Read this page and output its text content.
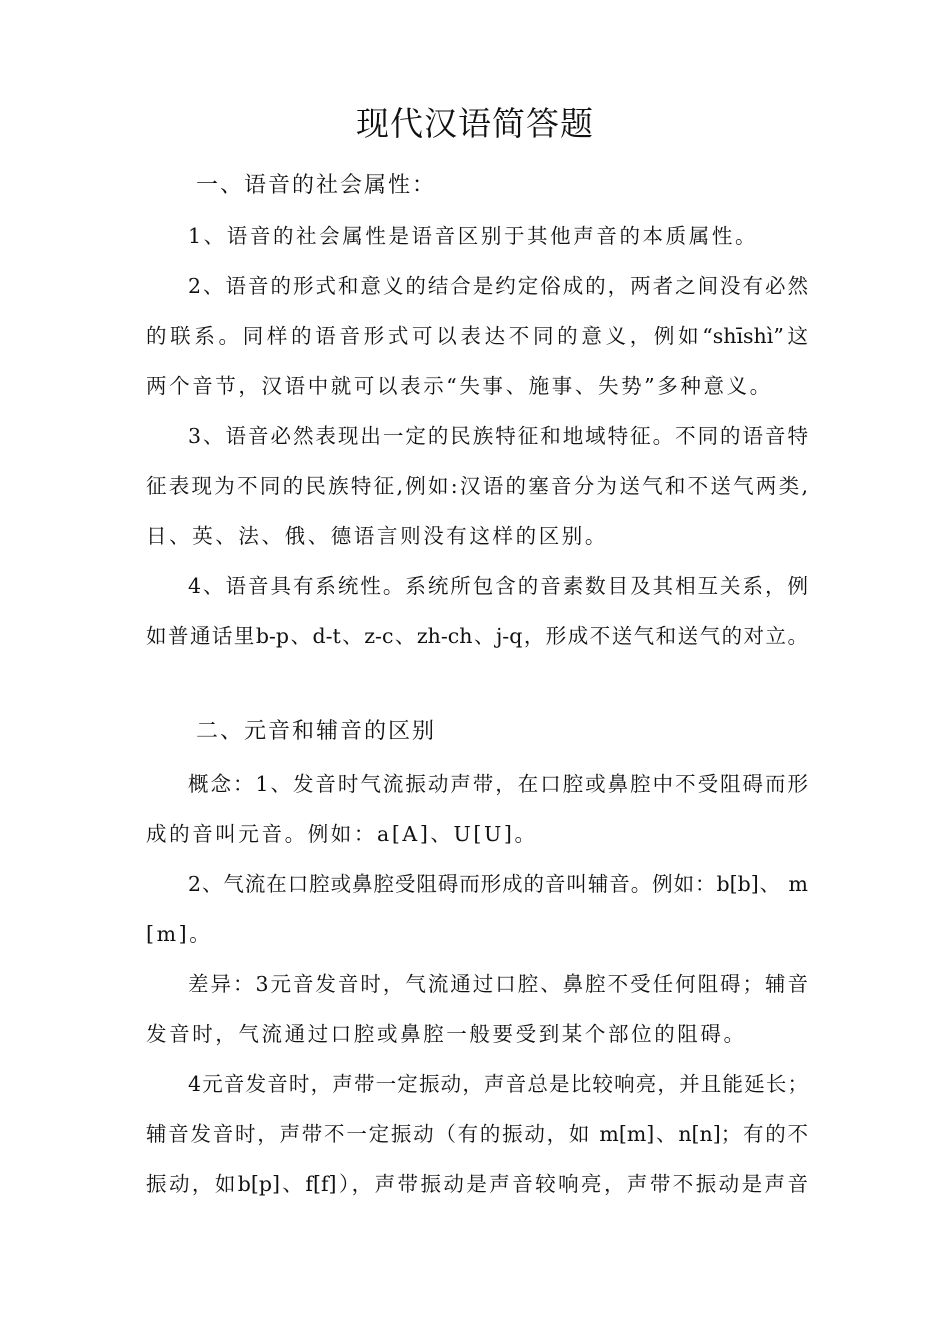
现代汉语简答题
一、语音的社会属性：
1、语音的社会属性是语音区别于其他声音的本质属性。
2、语音的形式和意义的结合是约定俗成的，两者之间没有必然
的联系。同样的语音形式可以表达不同的意义，例如“shīshì”这
两个音节，汉语中就可以表示“失事、施事、失势”多种意义。
3、语音必然表现出一定的民族特征和地域特征。不同的语音特
征表现为不同的民族特征,例如:汉语的塞音分为送气和不送气两类,
日、英、法、俄、德语言则没有这样的区别。
4、语音具有系统性。系统所包含的音素数目及其相互关系，例
如普通话里b-p、d-t、z-c、zh-ch、j-q，形成不送气和送气的对立。
二、元音和辅音的区别
概念：1、发音时气流振动声带，在口腔或鼻腔中不受阻碍而形
成的音叫元音。例如：a[A]、U[U]。
2、气流在口腔或鼻腔受阻碍而形成的音叫辅音。例如：b[b]、 m
[m]。
差异：3元音发音时，气流通过口腔、鼻腔不受任何阻碍；辅音
发音时，气流通过口腔或鼻腔一般要受到某个部位的阻碍。
4元音发音时，声带一定振动，声音总是比较响亮，并且能延长；
辅音发音时，声带不一定振动（有的振动，如 m[m]、n[n]；有的不
振动，如b[p]、f[f]），声带振动是声音较响亮，声带不振动是声音
